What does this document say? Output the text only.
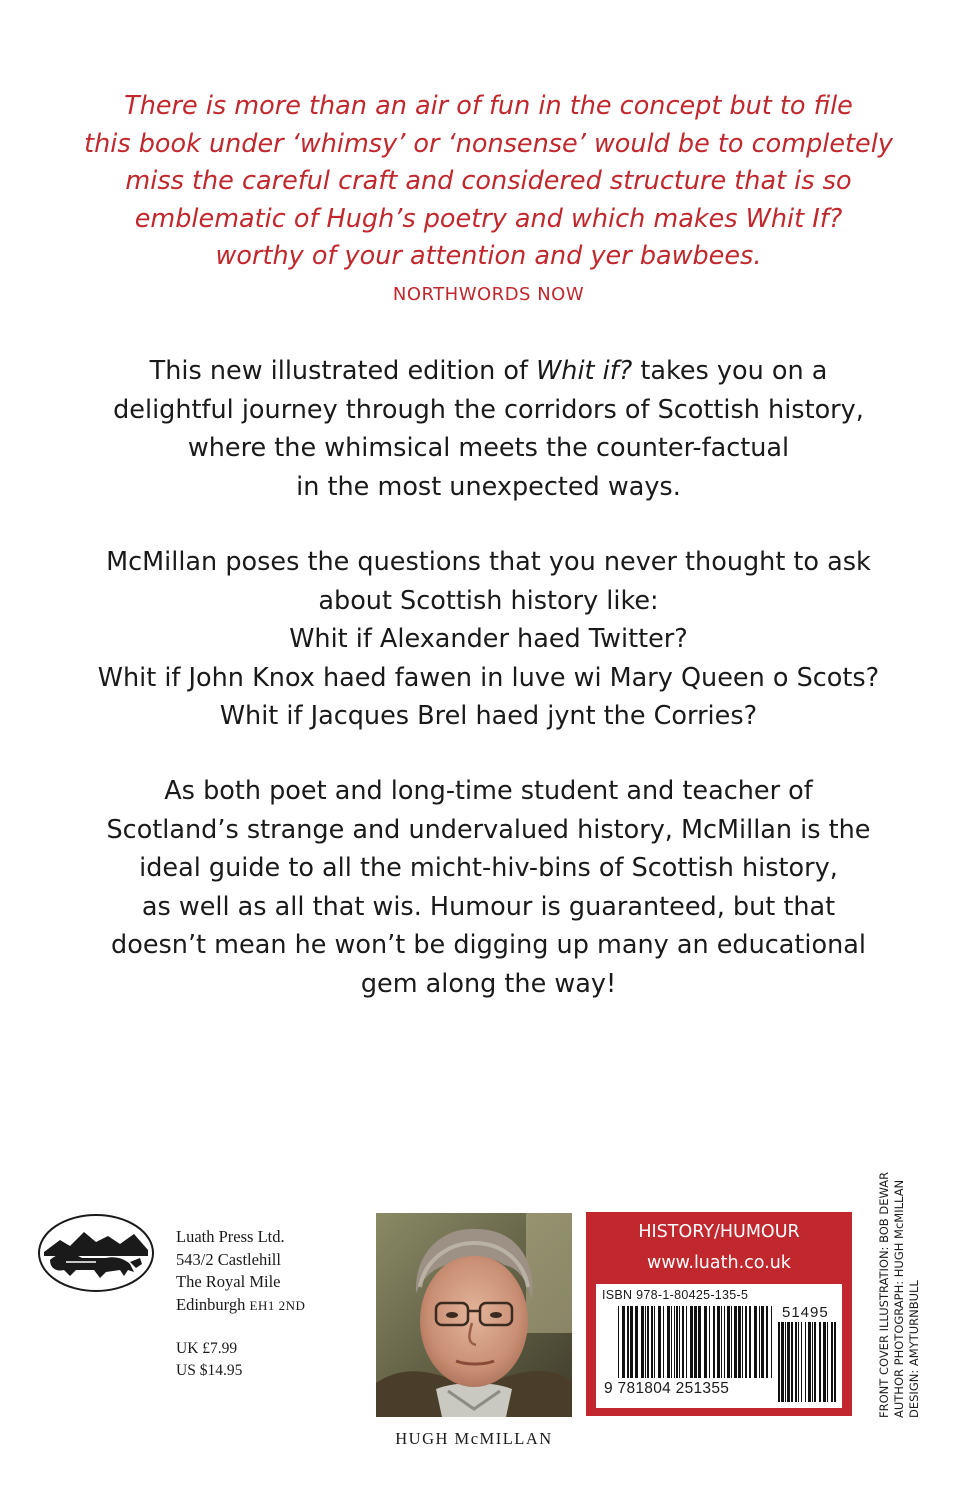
There is more than an air of fun in the concept but to file
this book under ‘whimsy’ or ‘nonsense’ would be to completely
miss the careful craft and considered structure that is so
emblematic of Hugh’s poetry and which makes Whit If?
worthy of your attention and yer bawbees.
NORTHWORDS NOW
This new illustrated edition of Whit if? takes you on a
delightful journey through the corridors of Scottish history,
where the whimsical meets the counter-factual
in the most unexpected ways.
McMillan poses the questions that you never thought to ask
about Scottish history like:
Whit if Alexander haed Twitter?
Whit if John Knox haed fawen in luve wi Mary Queen o Scots?
Whit if Jacques Brel haed jynt the Corries?
As both poet and long-time student and teacher of
Scotland’s strange and undervalued history, McMillan is the
ideal guide to all the micht-hiv-bins of Scottish history,
as well as all that wis. Humour is guaranteed, but that
doesn’t mean he won’t be digging up many an educational
gem along the way!
Luath Press Ltd.
543/2 Castlehill
The Royal Mile
Edinburgh EH1 2ND
UK £7.99
US $14.95
HUGH McMILLAN
HISTORY/HUMOUR
www.luath.co.uk
ISBN 978-1-80425-135-5
51495
9 781804 251355	FRONT COVER ILLUSTRATION: BOB DEWAR AUTHOR PHOTOGRAPH: HUGH McMILLAN DESIGN: AMYTURNBULL
